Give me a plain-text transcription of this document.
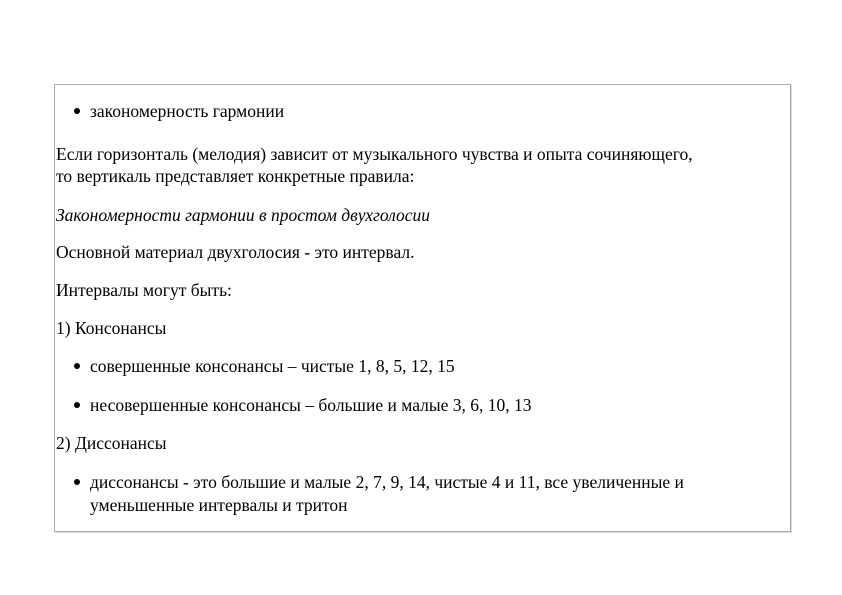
закономерность гармонии
Если горизонталь (мелодия) зависит от музыкального чувства и опыта сочиняющего,
то вертикаль представляет конкретные правила:
Закономерности гармонии в простом двухголосии
Основной материал двухголосия - это интервал.
Интервалы могут быть:
1) Консонансы
совершенные консонансы – чистые 1, 8, 5, 12, 15
несовершенные консонансы – большие и малые 3, 6, 10, 13
2) Диссонансы
диссонансы - это большие и малые 2, 7, 9, 14, чистые 4 и 11, все увеличенные и
уменьшенные интервалы и тритон
